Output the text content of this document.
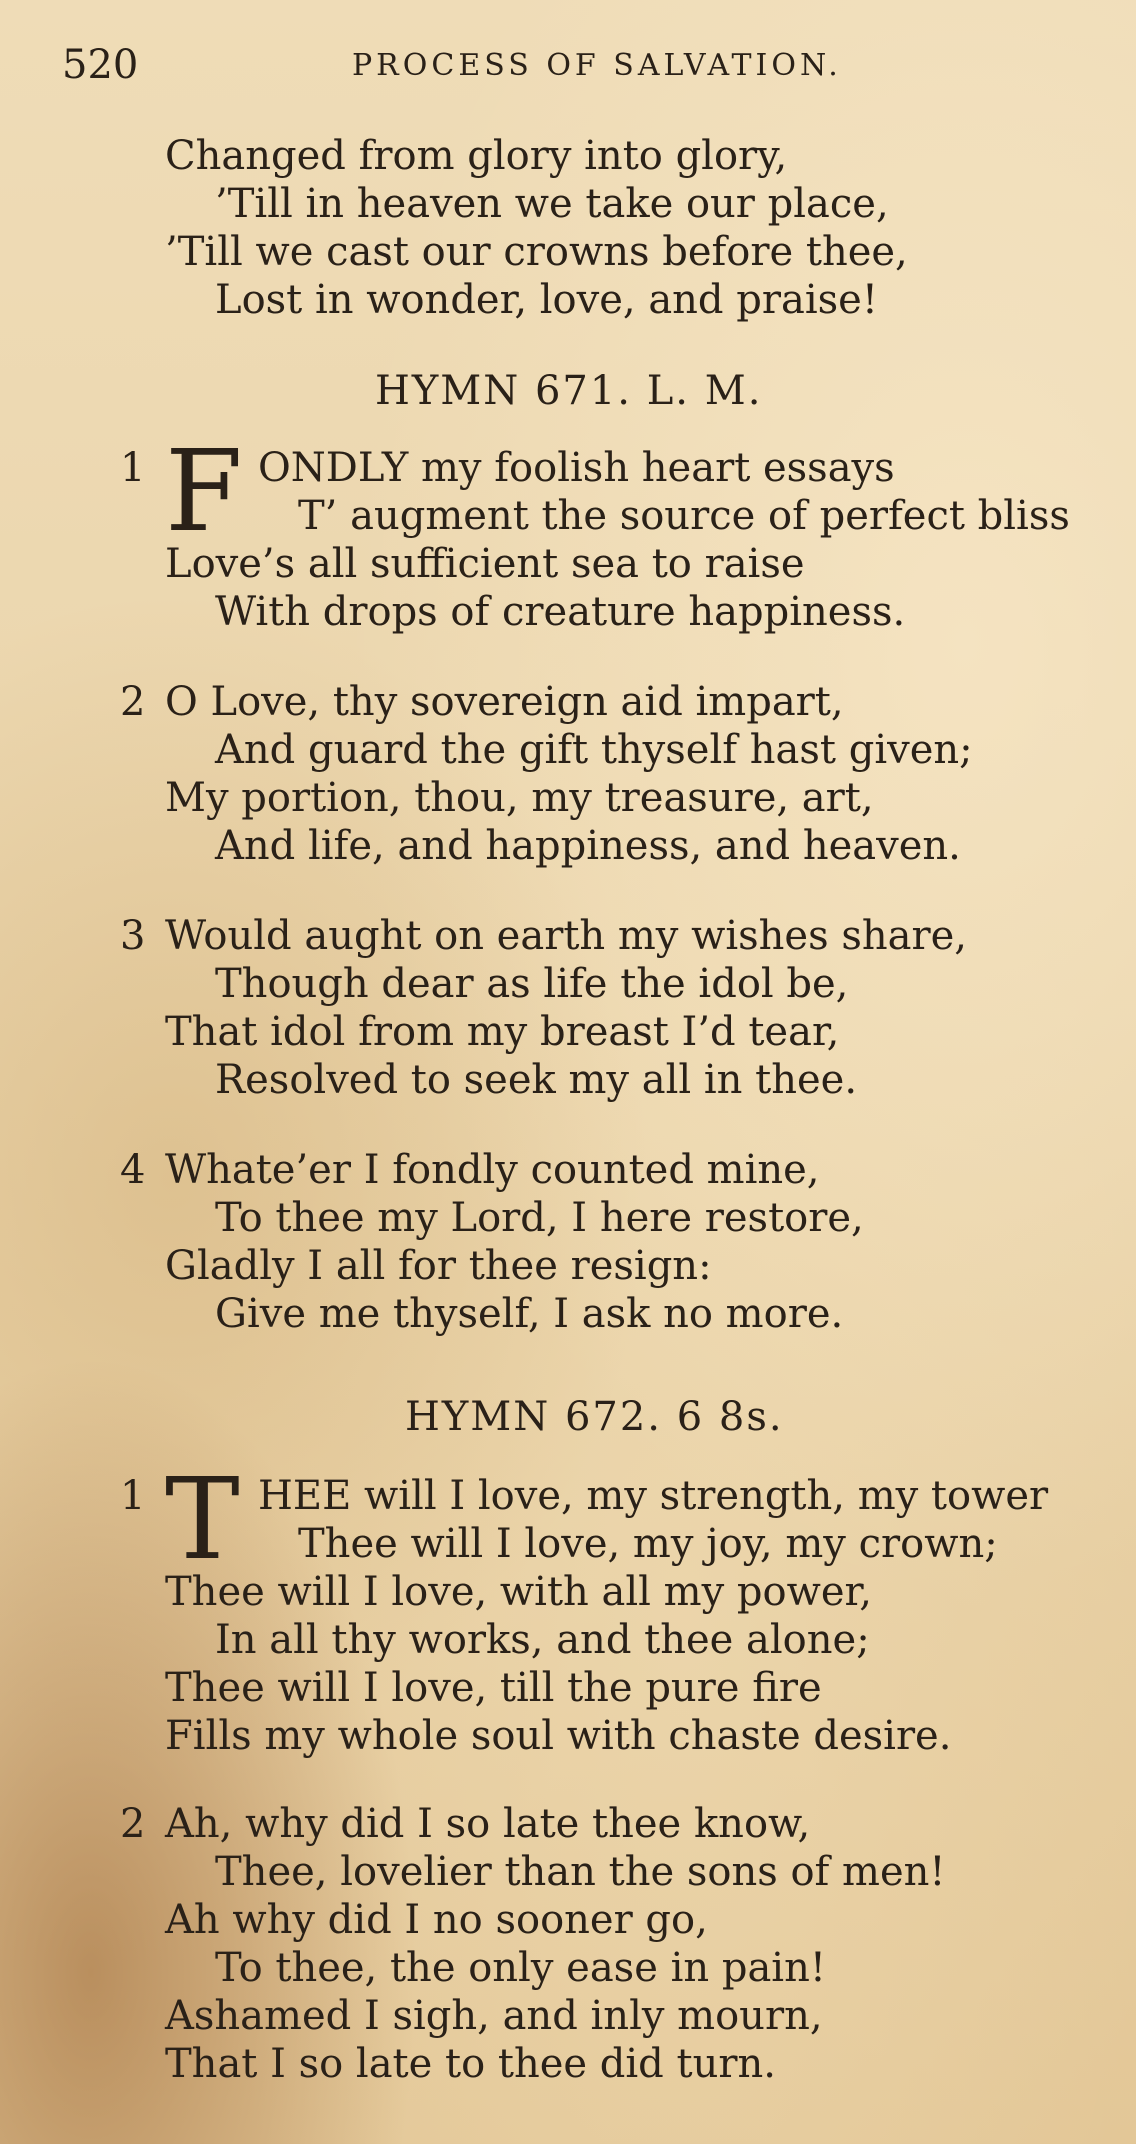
520	PROCESS OF SALVATION.
Changed from glory into glory,
’Till in heaven we take our place,
’Till we cast our crowns before thee,
Lost in wonder, love, and praise!
HYMN 671. L. M.
1 F ONDLY my foolish heart essays
T’ augment the source of perfect bliss
Love’s all sufficient sea to raise
With drops of creature happiness.
2 O Love, thy sovereign aid impart,
And guard the gift thyself hast given;
My portion, thou, my treasure, art,
And life, and happiness, and heaven.
3 Would aught on earth my wishes share,
Though dear as life the idol be,
That idol from my breast I’d tear,
Resolved to seek my all in thee.
4 Whate’er I fondly counted mine,
To thee my Lord, I here restore,
Gladly I all for thee resign:
Give me thyself, I ask no more.
HYMN 672. 6 8s.
1 T HEE will I love, my strength, my tower
Thee will I love, my joy, my crown;
Thee will I love, with all my power,
In all thy works, and thee alone;
Thee will I love, till the pure fire
Fills my whole soul with chaste desire.
2 Ah, why did I so late thee know,
Thee, lovelier than the sons of men!
Ah why did I no sooner go,
To thee, the only ease in pain!
Ashamed I sigh, and inly mourn,
That I so late to thee did turn.
